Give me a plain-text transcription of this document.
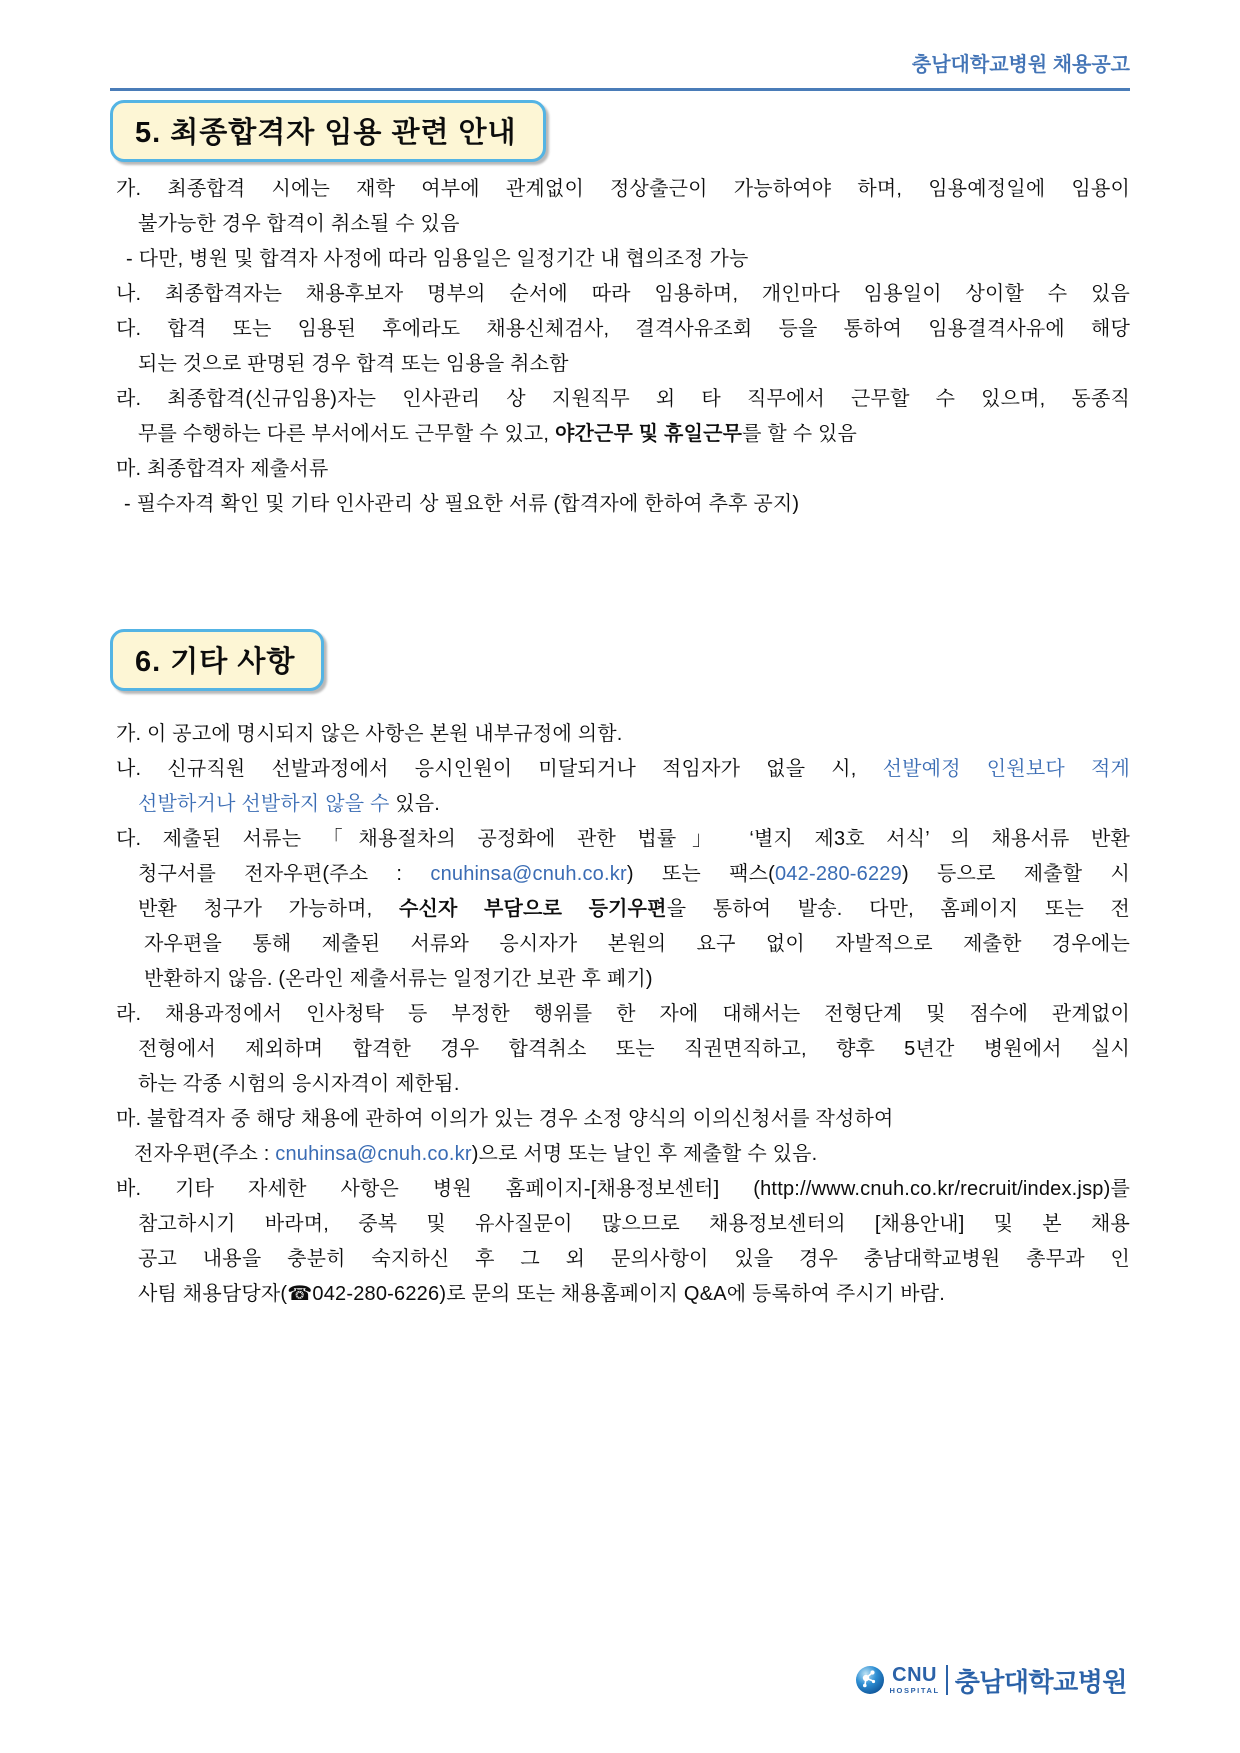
충남대학교병원 채용공고
5. 최종합격자 임용 관련 안내
가. 최종합격 시에는 재학 여부에 관계없이 정상출근이 가능하여야 하며, 임용예정일에 임용이
불가능한 경우 합격이 취소될 수 있음
- 다만, 병원 및 합격자 사정에 따라 임용일은 일정기간 내 협의조정 가능
나. 최종합격자는 채용후보자 명부의 순서에 따라 임용하며, 개인마다 임용일이 상이할 수 있음
다. 합격 또는 임용된 후에라도 채용신체검사, 결격사유조회 등을 통하여 임용결격사유에 해당
되는 것으로 판명된 경우 합격 또는 임용을 취소함
라. 최종합격(신규임용)자는 인사관리 상 지원직무 외 타 직무에서 근무할 수 있으며, 동종직
무를 수행하는 다른 부서에서도 근무할 수 있고, 야간근무 및 휴일근무를 할 수 있음
마. 최종합격자 제출서류
- 필수자격 확인 및 기타 인사관리 상 필요한 서류 (합격자에 한하여 추후 공지)
6. 기타 사항
가. 이 공고에 명시되지 않은 사항은 본원 내부규정에 의함.
나. 신규직원 선발과정에서 응시인원이 미달되거나 적임자가 없을 시, 선발예정 인원보다 적게
선발하거나 선발하지 않을 수 있음.
다. 제출된 서류는 「채용절차의 공정화에 관한 법률」 ‘별지 제3호 서식’ 의 채용서류 반환
청구서를 전자우편(주소 : cnuhinsa@cnuh.co.kr) 또는 팩스(042-280-6229) 등으로 제출할 시
반환 청구가 가능하며, 수신자 부담으로 등기우편을 통하여 발송. 다만, 홈페이지 또는 전
자우편을 통해 제출된 서류와 응시자가 본원의 요구 없이 자발적으로 제출한 경우에는
반환하지 않음. (온라인 제출서류는 일정기간 보관 후 폐기)
라. 채용과정에서 인사청탁 등 부정한 행위를 한 자에 대해서는 전형단계 및 점수에 관계없이
전형에서 제외하며 합격한 경우 합격취소 또는 직권면직하고, 향후 5년간 병원에서 실시
하는 각종 시험의 응시자격이 제한됨.
마. 불합격자 중 해당 채용에 관하여 이의가 있는 경우 소정 양식의 이의신청서를 작성하여
전자우편(주소 : cnuhinsa@cnuh.co.kr)으로 서명 또는 날인 후 제출할 수 있음.
바. 기타 자세한 사항은 병원 홈페이지-[채용정보센터] (http://www.cnuh.co.kr/recruit/index.jsp)를
참고하시기 바라며, 중복 및 유사질문이 많으므로 채용정보센터의 [채용안내] 및 본 채용
공고 내용을 충분히 숙지하신 후 그 외 문의사항이 있을 경우 충남대학교병원 총무과 인
사팀 채용담당자(☎042-280-6226)로 문의 또는 채용홈페이지 Q&A에 등록하여 주시기 바람.
CNU
HOSPITAL 충남대학교병원
